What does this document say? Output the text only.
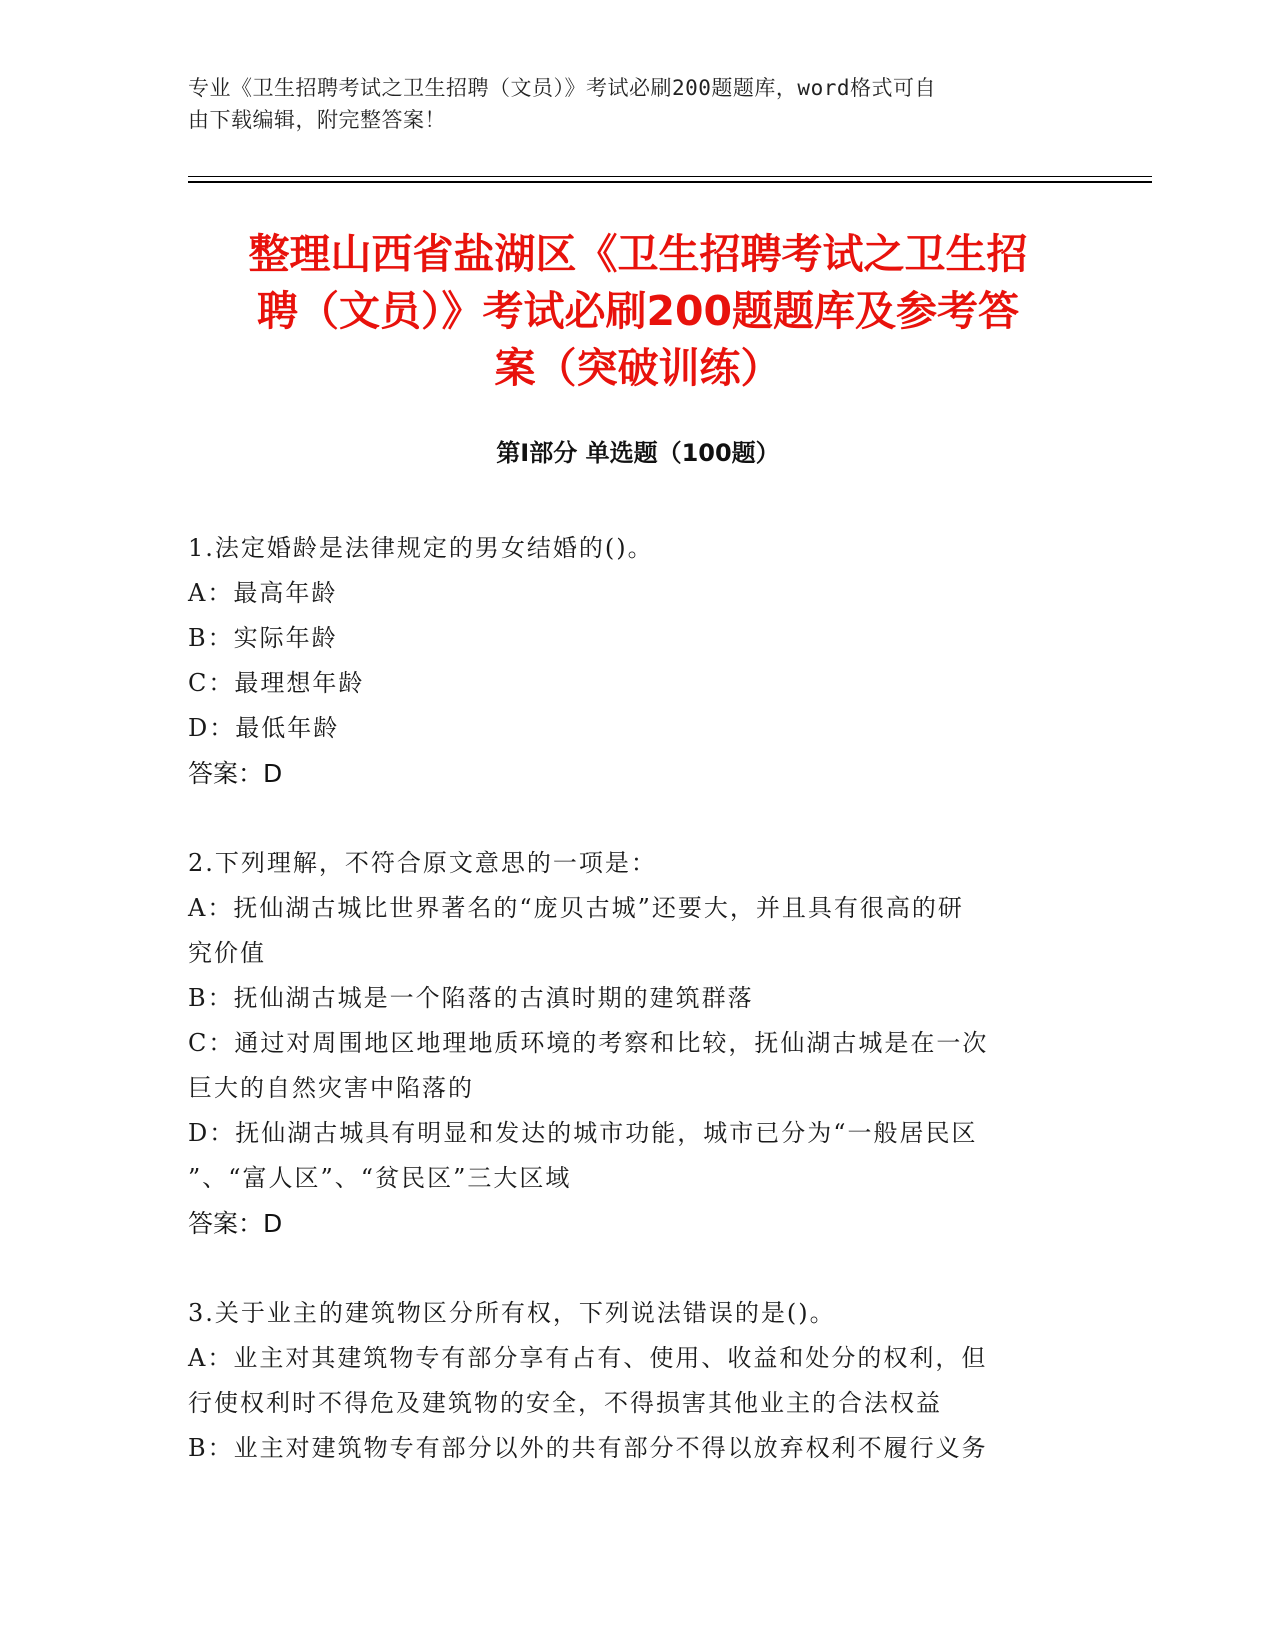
专业《卫生招聘考试之卫生招聘（文员）》考试必刷200题题库，word格式可自
由下载编辑，附完整答案！
整理山西省盐湖区《卫生招聘考试之卫生招
聘（文员）》考试必刷200题题库及参考答
案（突破训练）
第Ⅰ部分 单选题（100题）
1.法定婚龄是法律规定的男女结婚的()。
A：最高年龄
B：实际年龄
C：最理想年龄
D：最低年龄
答案：D
2.下列理解，不符合原文意思的一项是：
A：抚仙湖古城比世界著名的“庞贝古城”还要大，并且具有很高的研
究价值
B：抚仙湖古城是一个陷落的古滇时期的建筑群落
C：通过对周围地区地理地质环境的考察和比较，抚仙湖古城是在一次
巨大的自然灾害中陷落的
D：抚仙湖古城具有明显和发达的城市功能，城市已分为“一般居民区
”、“富人区”、“贫民区”三大区域
答案：D
3.关于业主的建筑物区分所有权，下列说法错误的是()。
A：业主对其建筑物专有部分享有占有、使用、收益和处分的权利，但
行使权利时不得危及建筑物的安全，不得损害其他业主的合法权益
B：业主对建筑物专有部分以外的共有部分不得以放弃权利不履行义务
